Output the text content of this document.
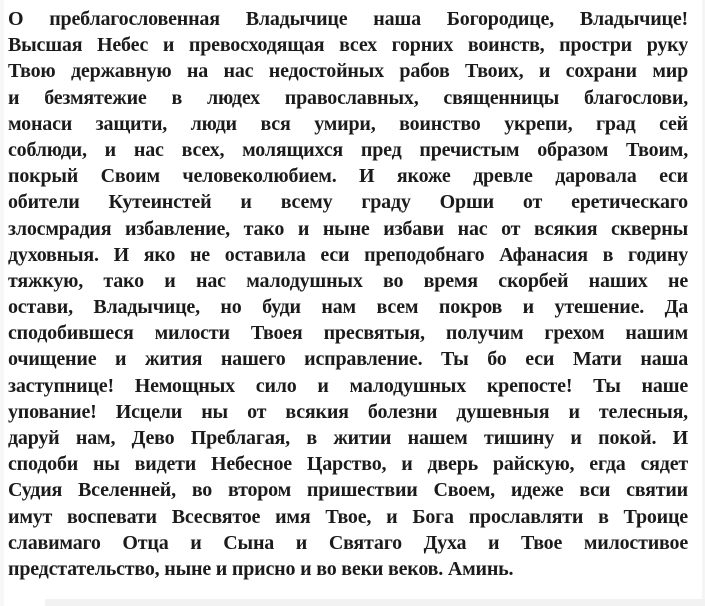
О преблагословенная Владычице наша Богородице, Владычице!
Высшая Небес и превосходящая всех горних воинств, простри руку
Твою державную на нас недостойных рабов Твоих, и сохрани мир
и безмятежие в людех православных, священницы благослови,
монаси защити, люди вся умири, воинство укрепи, град сей
соблюди, и нас всех, молящихся пред пречистым образом Твоим,
покрый Своим человеколюбием. И якоже древле даровала еси
обители Кутеинстей и всему граду Орши от еретическаго
злосмрадия избавление, тако и ныне избави нас от всякия скверны
духовныя. И яко не оставила еси преподобнаго Афанасия в годину
тяжкую, тако и нас малодушных во время скорбей наших не
остави, Владычице, но буди нам всем покров и утешение. Да
сподобившеся милости Твоея пресвятыя, получим грехом нашим
очищение и жития нашего исправление. Ты бо еси Мати наша
заступнице! Немощных сило и малодушных крепосте! Ты наше
упование! Исцели ны от всякия болезни душевныя и телесныя,
даруй нам, Дево Преблагая, в житии нашем тишину и покой. И
сподоби ны видети Небесное Царство, и дверь райскую, егда сядет
Судия Вселенней, во втором пришествии Своем, идеже вси святии
имут воспевати Всесвятое имя Твое, и Бога прославляти в Троице
славимаго Отца и Сына и Святаго Духа и Твое милостивое
предстательство, ныне и присно и во веки веков. Аминь.
